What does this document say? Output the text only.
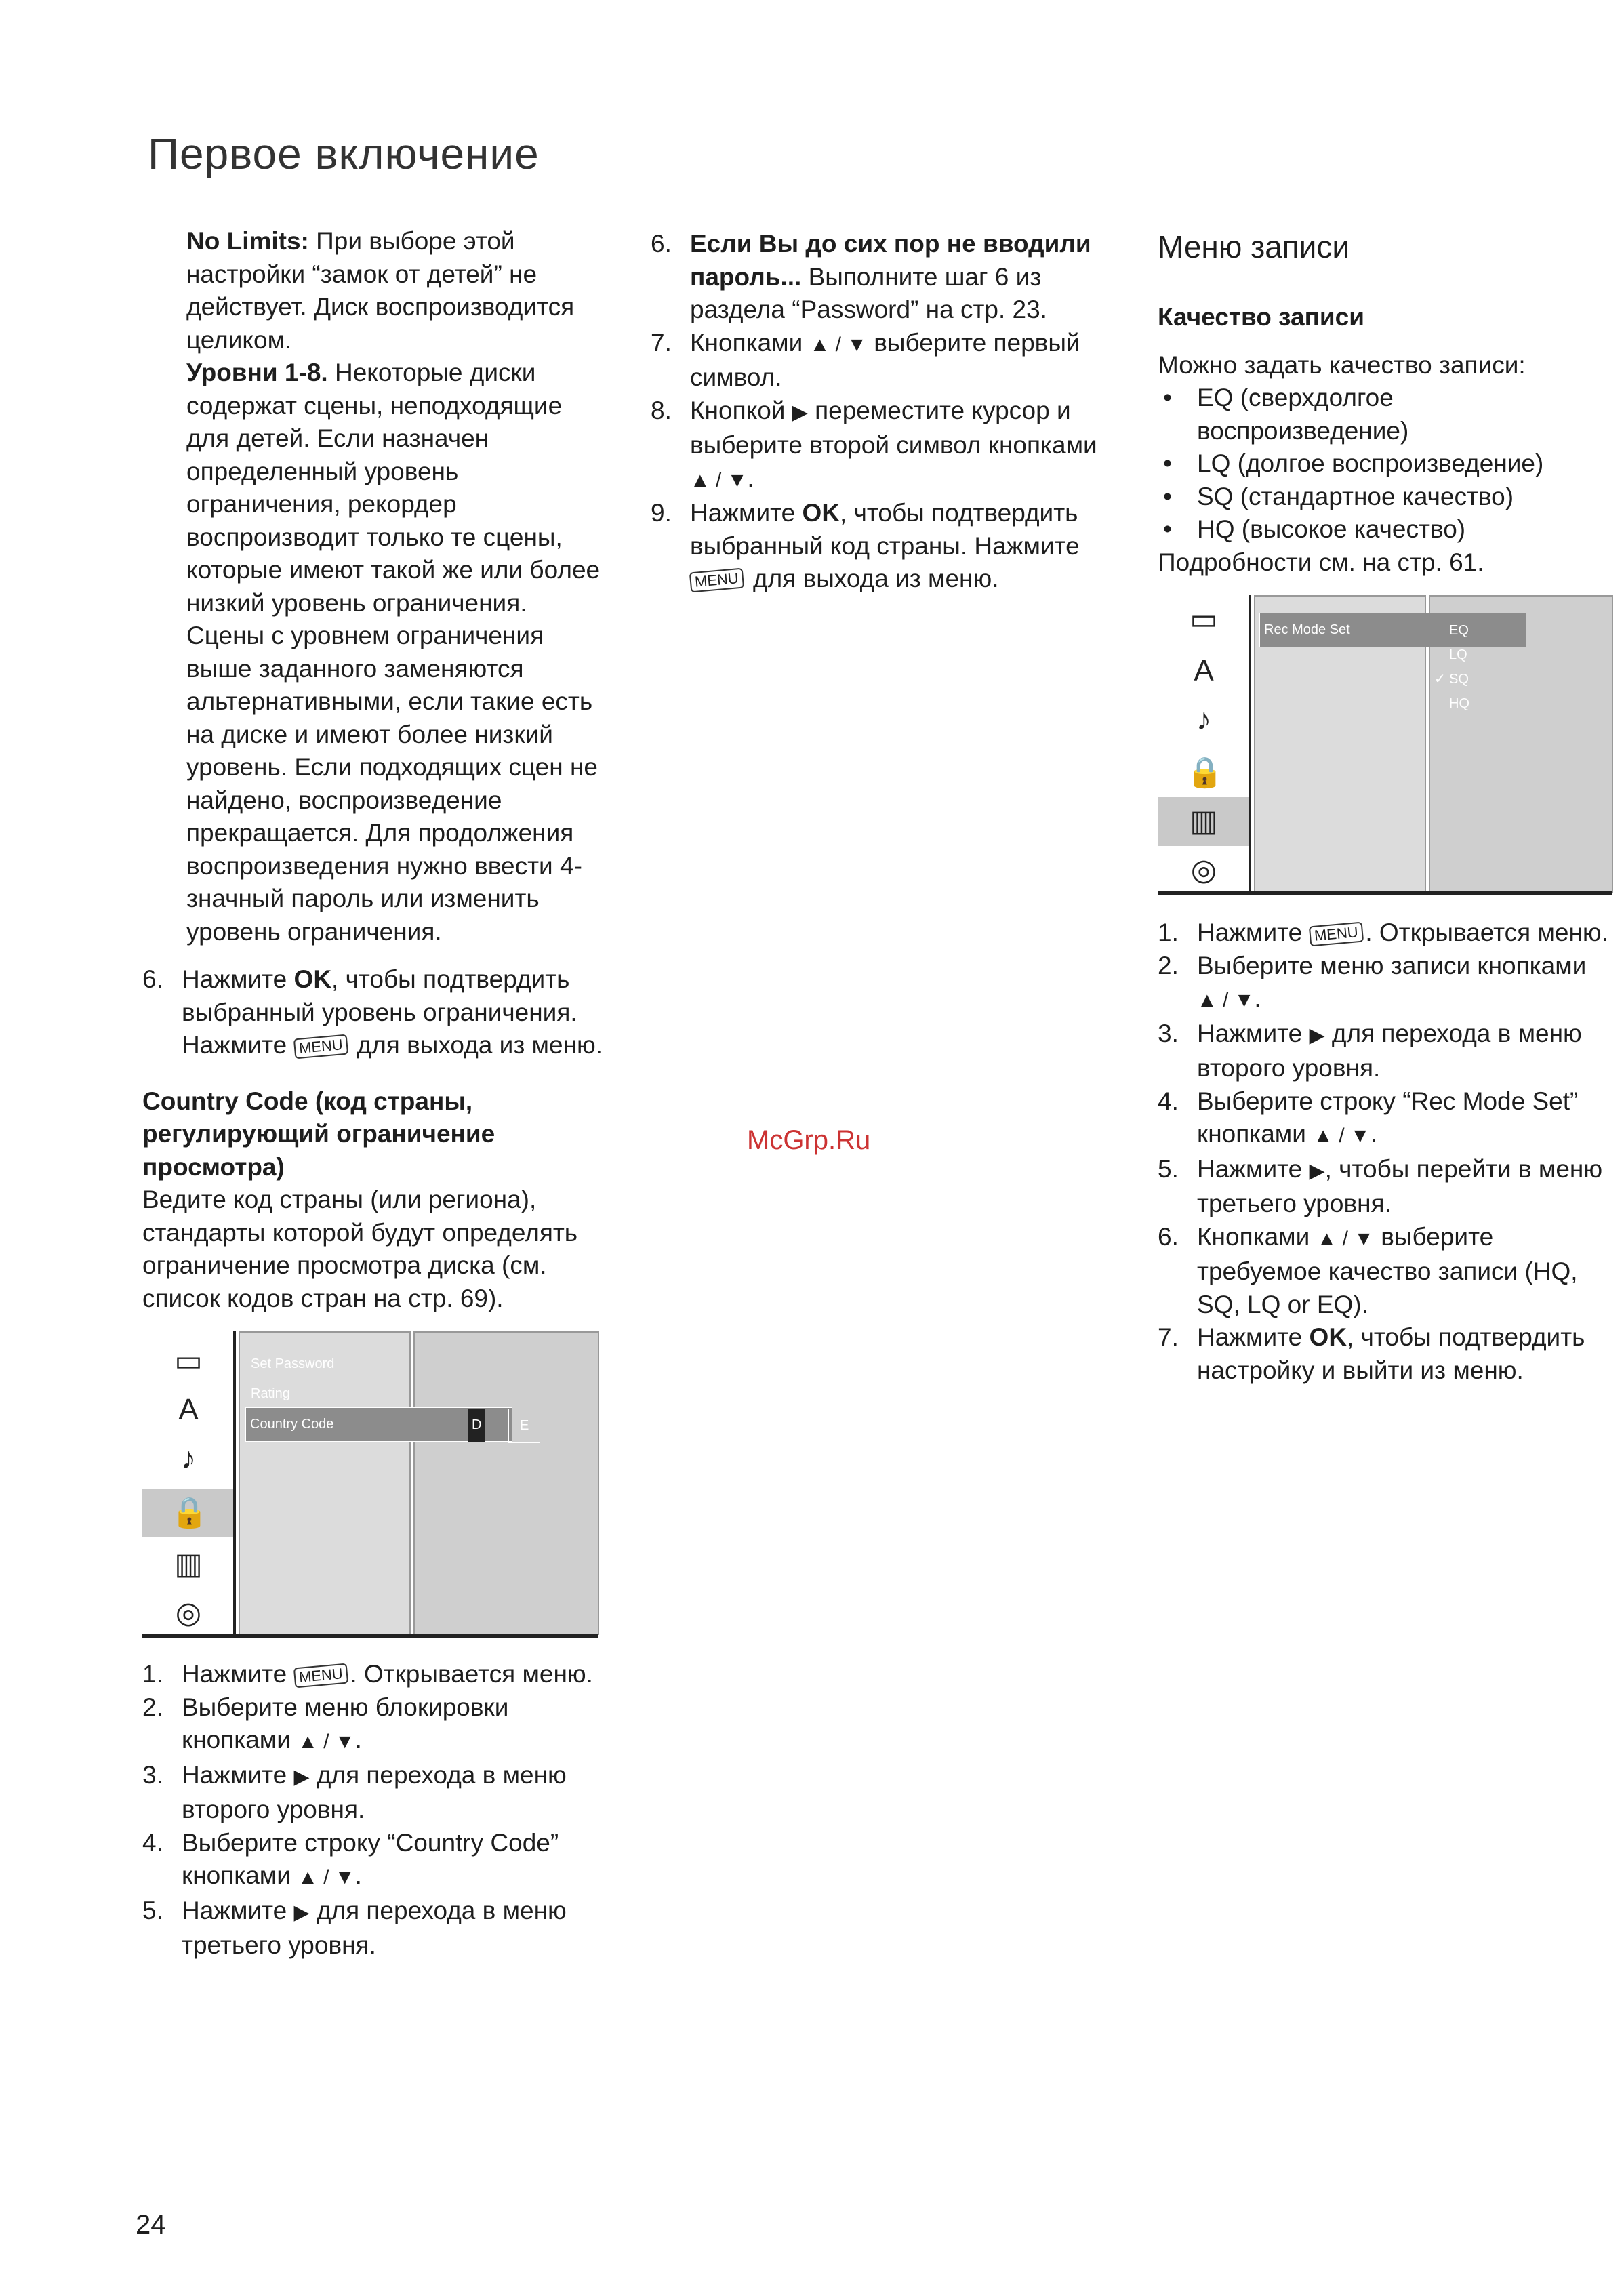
Первое включение
No Limits: При выборе этой настройки “замок от детей” не действует. Диск воспроизводится целиком.
Уровни 1-8. Некоторые диски содержат сцены, неподходящие для детей. Если назначен определенный уровень ограничения, рекордер воспроизводит только те сцены, которые имеют такой же или более низкий уровень ограничения. Сцены с уровнем ограничения выше заданного заменяются альтернативными, если такие есть на диске и имеют более низкий уровень. Если подходящих сцен не найдено, воспроизведение прекращается. Для продолжения воспроизведения нужно ввести 4-значный пароль или изменить уровень ограничения.
6. Нажмите OK, чтобы подтвердить выбранный уровень ограничения. Нажмите MENU для выхода из меню.
Country Code (код страны, регулирующий ограничение просмотра)
Ведите код страны (или региона), стандарты которой будут определять ограничение просмотра диска (см. список кодов стран на стр. 69).
▭
A
♪
🔒
▥
◎
Set Password
Rating
Country Code	D	E
1. Нажмите MENU . Открывается меню.
2. Выберите меню блокировки кнопками ▲ / ▼.
3. Нажмите ▶ для перехода в меню второго уровня.
4. Выберите строку “Country Code” кнопками ▲ / ▼.
5. Нажмите ▶ для перехода в меню третьего уровня.
6. Если Вы до сих пор не вводили пароль... Выполните шаг 6 из раздела “Password” на стр. 23.
7. Кнопками ▲ / ▼ выберите первый символ.
8. Кнопкой ▶ переместите курсор и выберите второй символ кнопками ▲ / ▼.
9. Нажмите OK, чтобы подтвердить выбранный код страны. Нажмите MENU для выхода из меню.
Меню записи
Качество записи
Можно задать качество записи:
• EQ (сверхдолгое воспроизведение)
• LQ (долгое воспроизведение)
• SQ (стандартное качество)
• HQ (высокое качество)
Подробности см. на стр. 61.
▭
A
♪
🔒
▥
◎
Rec Mode Set	EQ
LQ
✓ SQ
HQ
1. Нажмите MENU . Открывается меню.
2. Выберите меню записи кнопками ▲ / ▼.
3. Нажмите ▶ для перехода в меню второго уровня.
4. Выберите строку “Rec Mode Set” кнопками ▲ / ▼.
5. Нажмите ▶, чтобы перейти в меню третьего уровня.
6. Кнопками ▲ / ▼ выберите требуемое качество записи (HQ, SQ, LQ or EQ).
7. Нажмите OK, чтобы подтвердить настройку и выйти из меню.
McGrp.Ru
24
